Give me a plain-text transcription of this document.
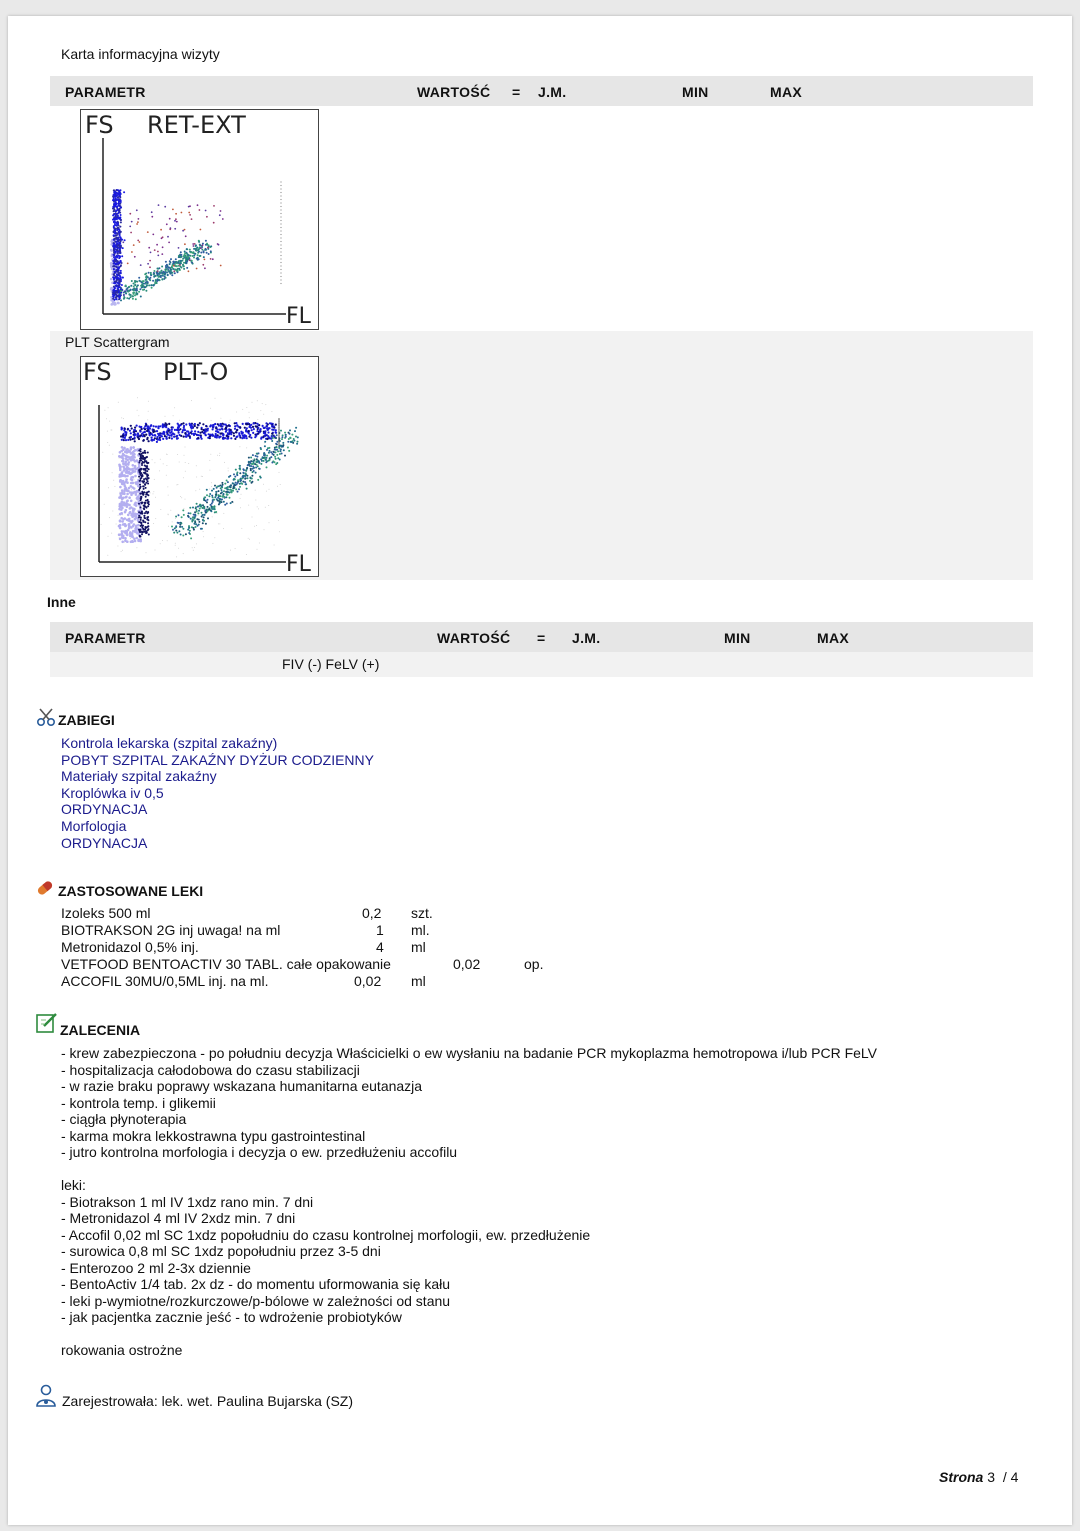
Karta informacyjna wizyty
PARAMETR	WARTOŚĆ = J.M.	MIN	MAX
FS RET-EXT
FL
PLT Scattergram
FS PLT-O
FL
Inne
PARAMETR	WARTOŚĆ = J.M.	MIN	MAX
FIV (-) FeLV (+)
ZABIEGI
Kontrola lekarska (szpital zakaźny)
POBYT SZPITAL ZAKAŹNY DYŻUR CODZIENNY
Materiały szpital zakaźny
Kroplówka iv 0,5
ORDYNACJA
Morfologia
ORDYNACJA
ZASTOSOWANE LEKI
Izoleks 500 ml	0,2 szt.
BIOTRAKSON 2G inj uwaga! na ml	1 ml.
Metronidazol 0,5% inj.	4 ml
VETFOOD BENTOACTIV 30 TABL. całe opakowanie	0,02	op.
ACCOFIL 30MU/0,5ML inj. na ml.	0,02 ml
ZALECENIA
- krew zabezpieczona - po południu decyzja Właścicielki o ew wysłaniu na badanie PCR mykoplazma hemotropowa i/lub PCR FeLV
- hospitalizacja całodobowa do czasu stabilizacji
- w razie braku poprawy wskazana humanitarna eutanazja
- kontrola temp. i glikemii
- ciągła płynoterapia
- karma mokra lekkostrawna typu gastrointestinal
- jutro kontrolna morfologia i decyzja o ew. przedłużeniu accofilu
leki:
- Biotrakson 1 ml IV 1xdz rano min. 7 dni
- Metronidazol 4 ml IV 2xdz min. 7 dni
- Accofil 0,02 ml SC 1xdz popołudniu do czasu kontrolnej morfologii, ew. przedłużenie
- surowica 0,8 ml SC 1xdz popołudniu przez 3-5 dni
- Enterozoo 2 ml 2-3x dziennie
- BentoActiv 1/4 tab. 2x dz - do momentu uformowania się kału
- leki p-wymiotne/rozkurczowe/p-bólowe w zależności od stanu
- jak pacjentka zacznie jeść - to wdrożenie probiotyków
rokowania ostrożne
Zarejestrowała: lek. wet. Paulina Bujarska (SZ)
Strona 3 / 4
